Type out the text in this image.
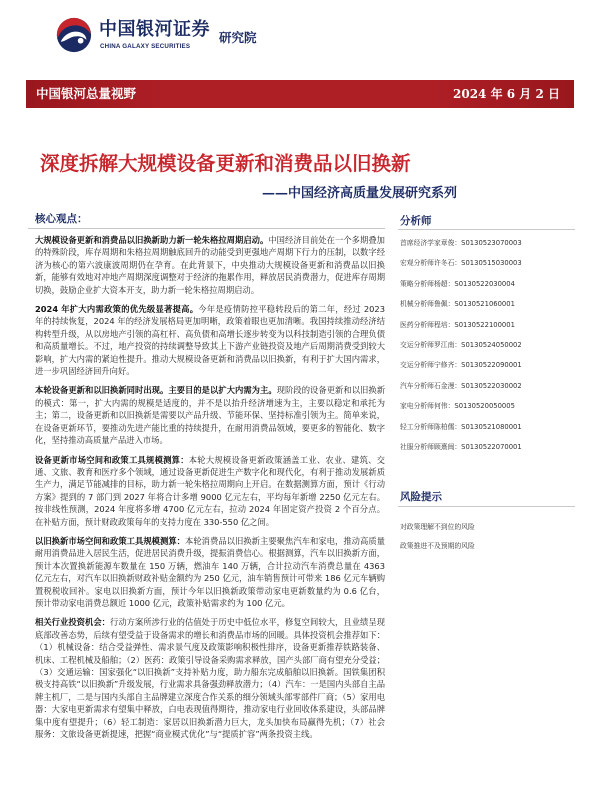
中国银河证券
CHINA GALAXY SECURITIES
研究院
中国银河总量视野	2024 年 6 月 2 日
深度拆解大规模设备更新和消费品以旧换新
——中国经济高质量发展研究系列
核心观点：

大规模设备更新和消费品以旧换新助力新一轮朱格拉周期启动。中国经济目前处在一个多期叠加的特殊阶段，库存周期和朱格拉周期触底回升的动能受到更强地产周期下行力的压制，以数字经济为核心的第六波康波周期仍在孕育。在此背景下，中央推动大规模设备更新和消费品以旧换新，能够有效地对冲地产周期深度调整对于经济的拖累作用，释放居民消费潜力，促进库存周期切换，鼓励企业扩大资本开支，助力新一轮朱格拉周期启动。

2024 年扩大内需政策的优先级显著提高。今年是疫情防控平稳转段后的第二年，经过 2023 年的持续恢复，2024 年的经济发展格局更加明晰，政策着眼也更加清晰。我国持续推动经济结构转型升级，从以房地产引领的高杠杆、高负债和高增长逐步转变为以科技制造引领的合理负债和高质量增长。不过，地产投资的持续调整导致其上下游产业链投资及地产后周期消费受到较大影响，扩大内需的紧迫性提升。推动大规模设备更新和消费品以旧换新，有利于扩大国内需求，进一步巩固经济回升向好。

本轮设备更新和以旧换新同时出现。主要目的是以扩大内需为主。现阶段的设备更新和以旧换新的模式：第一，扩大内需的规模是适度的，并不是以抬升经济增速为主，主要以稳定和承托为主；第二，设备更新和以旧换新是需要以产品升级、节能环保、坚持标准引领为主。简单来说，在设备更新环节，要推动先进产能比重的持续提升，在耐用消费品领域，要更多的智能化、数字化，坚持推动高质量产品进入市场。

设备更新市场空间和政策工具规模测算：本轮大规模设备更新政策涵盖工业、农业、建筑、交通、文旅、教育和医疗多个领域，通过设备更新促进生产数字化和现代化，有利于推动发展新质生产力，满足节能减排的目标，助力新一轮朱格拉周期向上开启。在数据测算方面，预计《行动方案》提到的 7 部门到 2027 年将合计多增 9000 亿元左右，平均每年新增 2250 亿元左右。按非线性预测，2024 年度将多增 4700 亿元左右，拉动 2024 年固定资产投资 2 个百分点。在补贴方面，预计财政政策每年的支持力度在 330-550 亿之间。

以旧换新市场空间和政策工具规模测算：本轮消费品以旧换新主要聚焦汽车和家电，推动高质量耐用消费品进入居民生活，促进居民消费升级，提振消费信心。根据测算，汽车以旧换新方面，预计本次置换新能源车数量在 150 万辆，燃油车 140 万辆，合计拉动汽车消费总量在 4363 亿元左右，对汽车以旧换新财政补贴金额约为 250 亿元，油车销售预计可带来 186 亿元车辆购置税税收回补。家电以旧换新方面，预计今年以旧换新政策带动家电更新数量约为 0.6 亿台，预计带动家电消费总额近 1000 亿元，政策补贴需求约为 100 亿元。

相关行业投资机会：行动方案所涉行业的估值处于历史中低位水平，修复空间较大，且业绩呈现底部改善态势，后续有望受益于设备需求的增长和消费品市场的回暖。具体投资机会推荐如下：（1）机械设备：结合受益弹性、需求景气度及政策影响积极性排序，设备更新推荐铁路装备、机床、工程机械及船舶；（2）医药：政策引导设备采购需求释放，国产头部厂商有望充分受益；（3）交通运输：国家强化“以旧换新”支持补贴力度，助力船东完成船舶以旧换新。国铁集团积极支持高铁“以旧换新”升级发展，行业需求具备强劲释放潜力；（4）汽车：一是国内头部自主品牌主机厂，二是与国内头部自主品牌建立深度合作关系的细分领域头部零部件厂商；（5）家用电器：大家电更新需求有望集中释放，白电表现值得期待，推动家电行业回收体系建设，头部品牌集中度有望提升；（6）轻工制造：家居以旧换新潜力巨大，龙头加快布局赢得先机；（7）社会服务：文旅设备更新提速，把握“商业模式优化”与“提质扩容”两条投资主线。

分析师
首席经济学家章俊：S0130523070003
宏观分析师许冬石：S0130515030003
策略分析师杨超：S0130522030004
机械分析师鲁佩：S0130521060001
医药分析师程培：S0130522100001
交运分析师罗江南：S0130524050002
交运分析师宁修齐：S0130522090001
汽车分析师石金漫：S0130522030002
家电分析师何伟：S0130520050005
轻工分析师陈柏儒：S0130521080001
社服分析师顾熹闽：S0130522070001
风险提示
对政策理解不到位的风险
政策推进不及预期的风险
